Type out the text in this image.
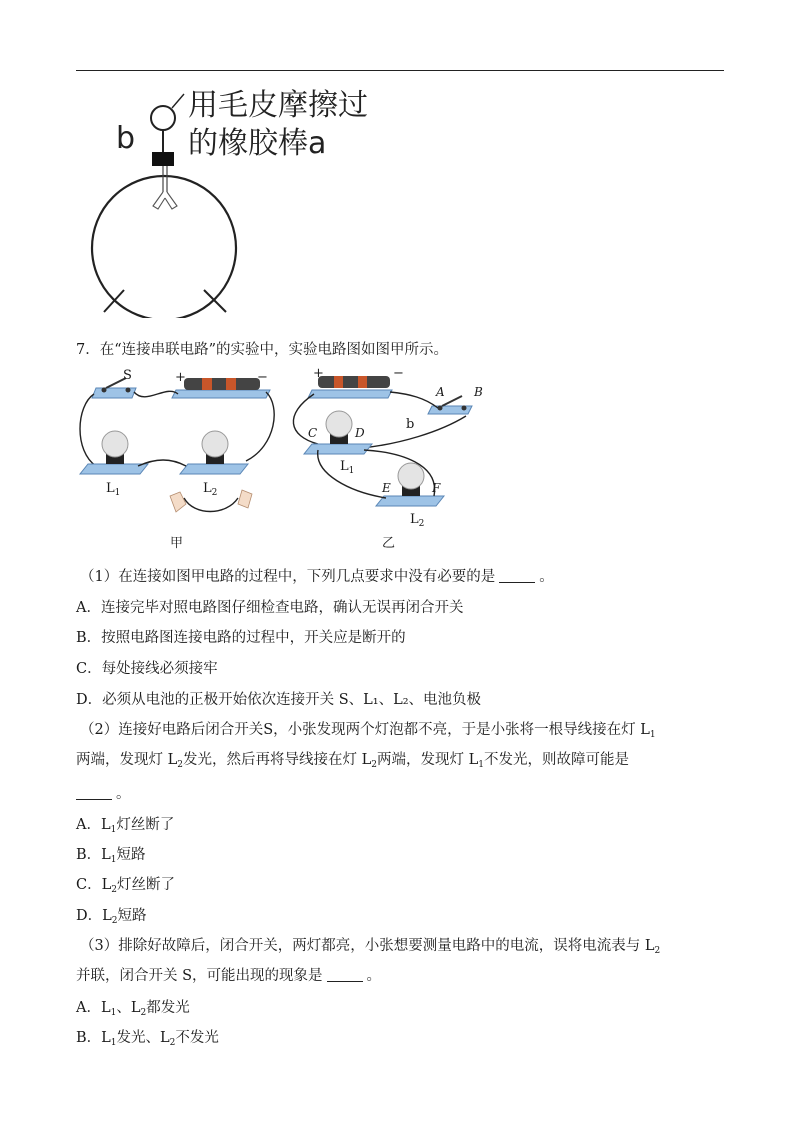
b
用毛皮摩擦过
的橡胶棒a
7．在“连接串联电路”的实验中，实验电路图如图甲所示。
S	+	−
$L_1$	$L_2$
甲
+	−
A B
b
C	D
$L_1$
E	F
$L_2$
乙
（1）在连接如图甲电路的过程中，下列几点要求中没有必要的是	。
A．连接完毕对照电路图仔细检查电路，确认无误再闭合开关
B．按照电路图连接电路的过程中，开关应是断开的
C．每处接线必须接牢
D．必须从电池的正极开始依次连接开关 S、L₁、L₂、电池负极
（2）连接好电路后闭合开关S，小张发现两个灯泡都不亮，于是小张将一根导线接在灯 $L_1$
两端，发现灯 $L_2$发光，然后再将导线接在灯 $L_2$两端，发现灯 $L_1$不发光，则故障可能是
。
A．$L_1$灯丝断了
B．$L_1$短路
C．$L_2$灯丝断了
D．$L_2$短路
（3）排除好故障后，闭合开关，两灯都亮，小张想要测量电路中的电流，误将电流表与 $L_2$
并联，闭合开关 S，可能出现的现象是	。
A．$L_1$、$L_2$都发光
B．$L_1$发光、$L_2$不发光
